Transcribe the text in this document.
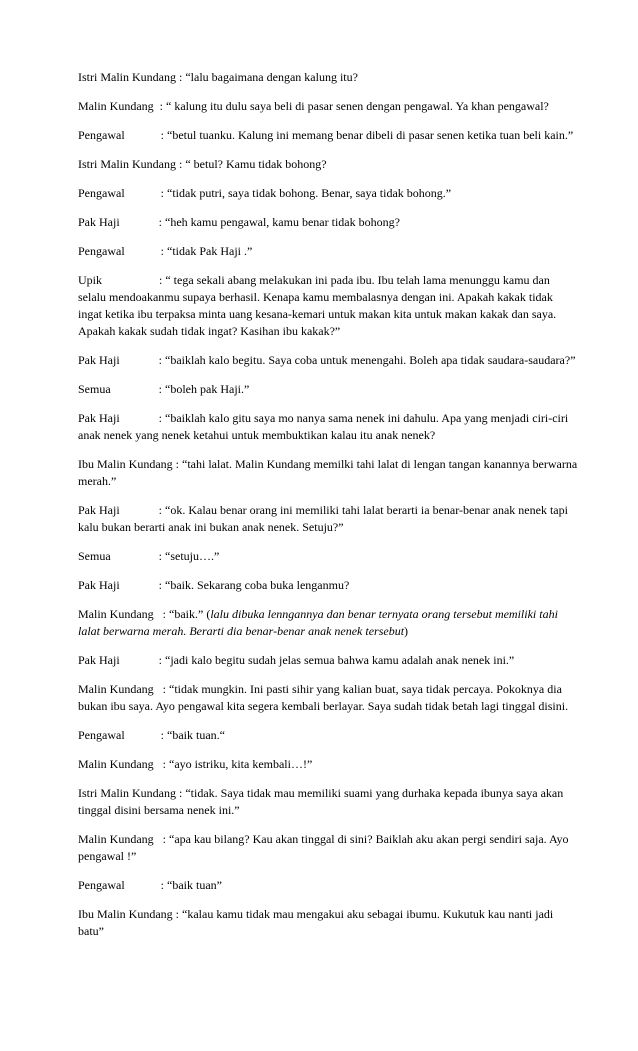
Istri Malin Kundang : “lalu bagaimana dengan kalung itu?

Malin Kundang  : “ kalung itu dulu saya beli di pasar senen dengan pengawal. Ya khan pengawal?

Pengawal            : “betul tuanku. Kalung ini memang benar dibeli di pasar senen ketika tuan beli kain.”

Istri Malin Kundang : “ betul? Kamu tidak bohong?

Pengawal            : “tidak putri, saya tidak bohong. Benar, saya tidak bohong.”

Pak Haji             : “heh kamu pengawal, kamu benar tidak bohong?

Pengawal            : “tidak Pak Haji .”

Upik                   : “ tega sekali abang melakukan ini pada ibu. Ibu telah lama menunggu kamu dan selalu mendoakanmu supaya berhasil. Kenapa kamu membalasnya dengan ini. Apakah kakak tidak ingat ketika ibu terpaksa minta uang kesana-kemari untuk makan kita untuk makan kakak dan saya. Apakah kakak sudah tidak ingat? Kasihan ibu kakak?”

Pak Haji             : “baiklah kalo begitu. Saya coba untuk menengahi. Boleh apa tidak saudara-saudara?”

Semua                : “boleh pak Haji.”

Pak Haji             : “baiklah kalo gitu saya mo nanya sama nenek ini dahulu. Apa yang menjadi ciri-ciri anak nenek yang nenek ketahui untuk membuktikan kalau itu anak nenek?

Ibu Malin Kundang : “tahi lalat. Malin Kundang memilki tahi lalat di lengan tangan kanannya berwarna merah.”

Pak Haji             : “ok. Kalau benar orang ini memiliki tahi lalat berarti ia benar-benar anak nenek tapi kalu bukan berarti anak ini bukan anak nenek. Setuju?”

Semua                : “setuju….”

Pak Haji             : “baik. Sekarang coba buka lenganmu?

Malin Kundang   : “baik.” (lalu dibuka lenngannya dan benar ternyata orang tersebut memiliki tahi lalat berwarna merah. Berarti dia benar-benar anak nenek tersebut)

Pak Haji             : “jadi kalo begitu sudah jelas semua bahwa kamu adalah anak nenek ini.”

Malin Kundang   : “tidak mungkin. Ini pasti sihir yang kalian buat, saya tidak percaya. Pokoknya dia bukan ibu saya. Ayo pengawal kita segera kembali berlayar. Saya sudah tidak betah lagi tinggal disini.

Pengawal            : “baik tuan.“

Malin Kundang   : “ayo istriku, kita kembali…!”

Istri Malin Kundang : “tidak. Saya tidak mau memiliki suami yang durhaka kepada ibunya saya akan tinggal disini bersama nenek ini.”

Malin Kundang   : “apa kau bilang? Kau akan tinggal di sini? Baiklah aku akan pergi sendiri saja. Ayo pengawal !”

Pengawal            : “baik tuan”

Ibu Malin Kundang : “kalau kamu tidak mau mengakui aku sebagai ibumu. Kukutuk kau nanti jadi batu”
